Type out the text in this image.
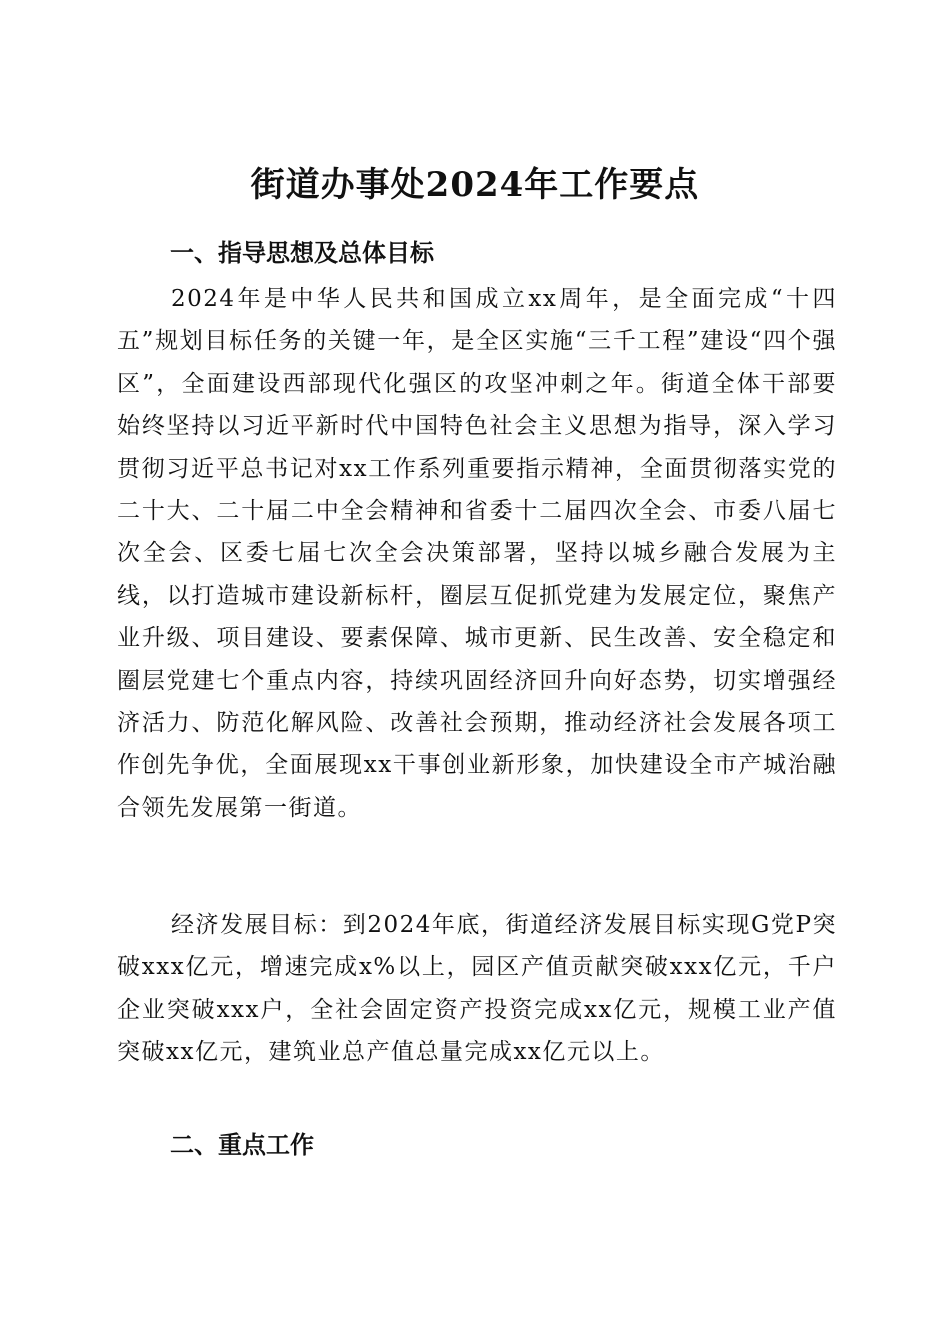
街道办事处2024年工作要点
一、指导思想及总体目标

2024年是中华人民共和国成立xx周年，是全面完成“十四五”规划目标任务的关键一年，是全区实施“三千工程”建设“四个强区”，全面建设西部现代化强区的攻坚冲刺之年。街道全体干部要始终坚持以习近平新时代中国特色社会主义思想为指导，深入学习贯彻习近平总书记对xx工作系列重要指示精神，全面贯彻落实党的二十大、二十届二中全会精神和省委十二届四次全会、市委八届七次全会、区委七届七次全会决策部署，坚持以城乡融合发展为主线，以打造城市建设新标杆，圈层互促抓党建为发展定位，聚焦产业升级、项目建设、要素保障、城市更新、民生改善、安全稳定和圈层党建七个重点内容，持续巩固经济回升向好态势，切实增强经济活力、防范化解风险、改善社会预期，推动经济社会发展各项工作创先争优，全面展现xx干事创业新形象，加快建设全市产城治融合领先发展第一街道。

经济发展目标：到2024年底，街道经济发展目标实现G党P突破xxx亿元，增速完成x%以上，园区产值贡献突破xxx亿元，千户企业突破xxx户，全社会固定资产投资完成xx亿元，规模工业产值突破xx亿元，建筑业总产值总量完成xx亿元以上。

二、重点工作
